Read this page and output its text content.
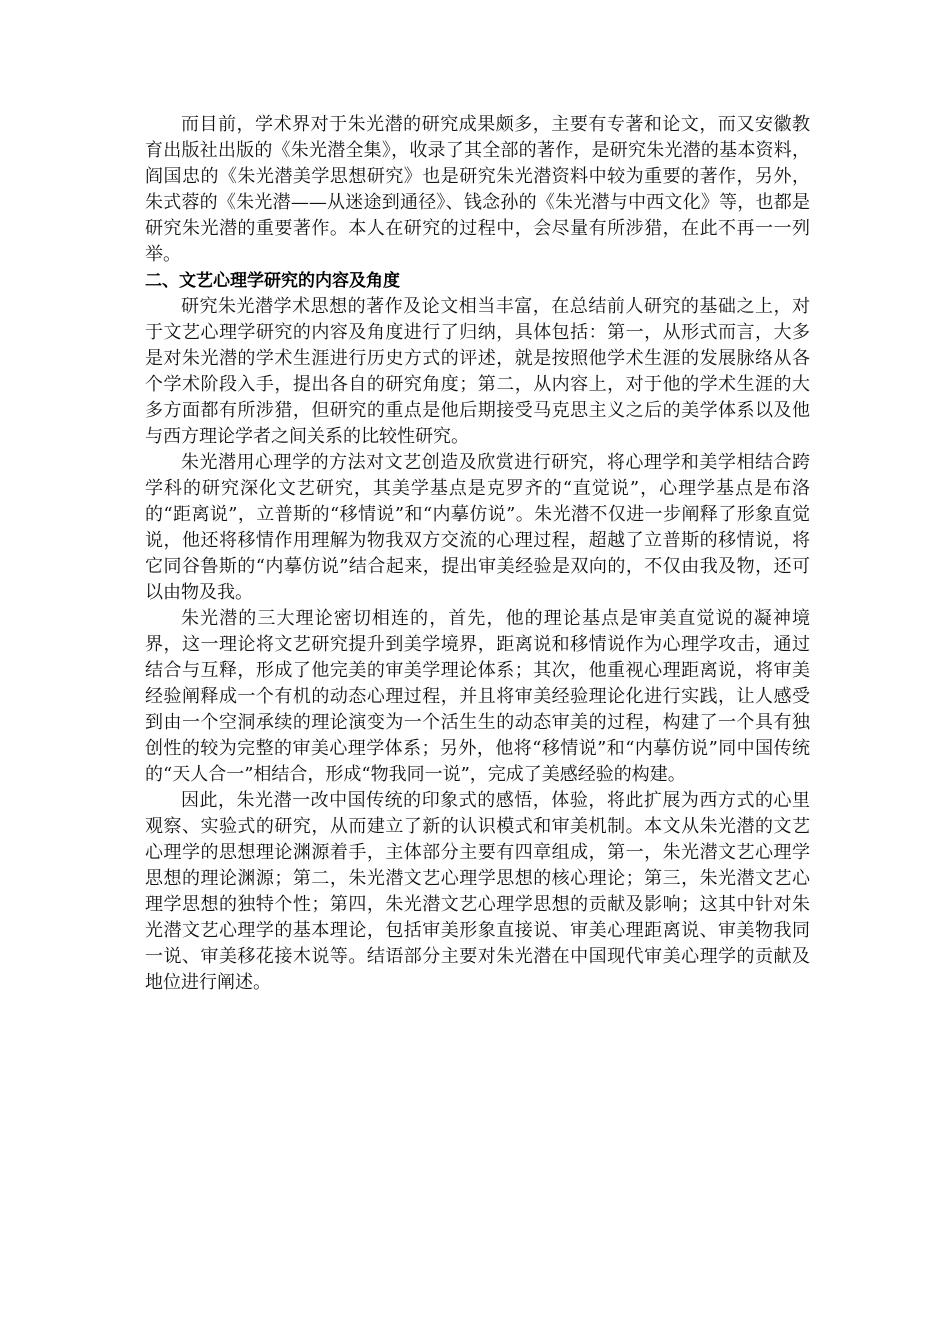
而目前，学术界对于朱光潜的研究成果颇多，主要有专著和论文，而又安徽教育出版社出版的《朱光潜全集》，收录了其全部的著作，是研究朱光潜的基本资料，阎国忠的《朱光潜美学思想研究》也是研究朱光潜资料中较为重要的著作，另外，朱式蓉的《朱光潜——从迷途到通径》、钱念孙的《朱光潜与中西文化》等，也都是研究朱光潜的重要著作。本人在研究的过程中，会尽量有所涉猎，在此不再一一列举。

二、文艺心理学研究的内容及角度

研究朱光潜学术思想的著作及论文相当丰富，在总结前人研究的基础之上，对于文艺心理学研究的内容及角度进行了归纳，具体包括：第一，从形式而言，大多是对朱光潜的学术生涯进行历史方式的评述，就是按照他学术生涯的发展脉络从各个学术阶段入手，提出各自的研究角度；第二，从内容上，对于他的学术生涯的大多方面都有所涉猎，但研究的重点是他后期接受马克思主义之后的美学体系以及他与西方理论学者之间关系的比较性研究。

朱光潜用心理学的方法对文艺创造及欣赏进行研究，将心理学和美学相结合跨学科的研究深化文艺研究，其美学基点是克罗齐的“直觉说”，心理学基点是布洛的“距离说”，立普斯的“移情说”和“内摹仿说”。朱光潜不仅进一步阐释了形象直觉说，他还将移情作用理解为物我双方交流的心理过程，超越了立普斯的移情说，将它同谷鲁斯的“内摹仿说”结合起来，提出审美经验是双向的，不仅由我及物，还可以由物及我。

朱光潜的三大理论密切相连的，首先，他的理论基点是审美直觉说的凝神境界，这一理论将文艺研究提升到美学境界，距离说和移情说作为心理学攻击，通过结合与互释，形成了他完美的审美学理论体系；其次，他重视心理距离说，将审美经验阐释成一个有机的动态心理过程，并且将审美经验理论化进行实践，让人感受到由一个空洞承续的理论演变为一个活生生的动态审美的过程，构建了一个具有独创性的较为完整的审美心理学体系；另外，他将“移情说”和“内摹仿说”同中国传统的“天人合一”相结合，形成“物我同一说”，完成了美感经验的构建。

因此，朱光潜一改中国传统的印象式的感悟，体验，将此扩展为西方式的心里观察、实验式的研究，从而建立了新的认识模式和审美机制。本文从朱光潜的文艺心理学的思想理论渊源着手，主体部分主要有四章组成，第一，朱光潜文艺心理学思想的理论渊源；第二，朱光潜文艺心理学思想的核心理论；第三，朱光潜文艺心理学思想的独特个性；第四，朱光潜文艺心理学思想的贡献及影响；这其中针对朱光潜文艺心理学的基本理论，包括审美形象直接说、审美心理距离说、审美物我同一说、审美移花接木说等。结语部分主要对朱光潜在中国现代审美心理学的贡献及地位进行阐述。
